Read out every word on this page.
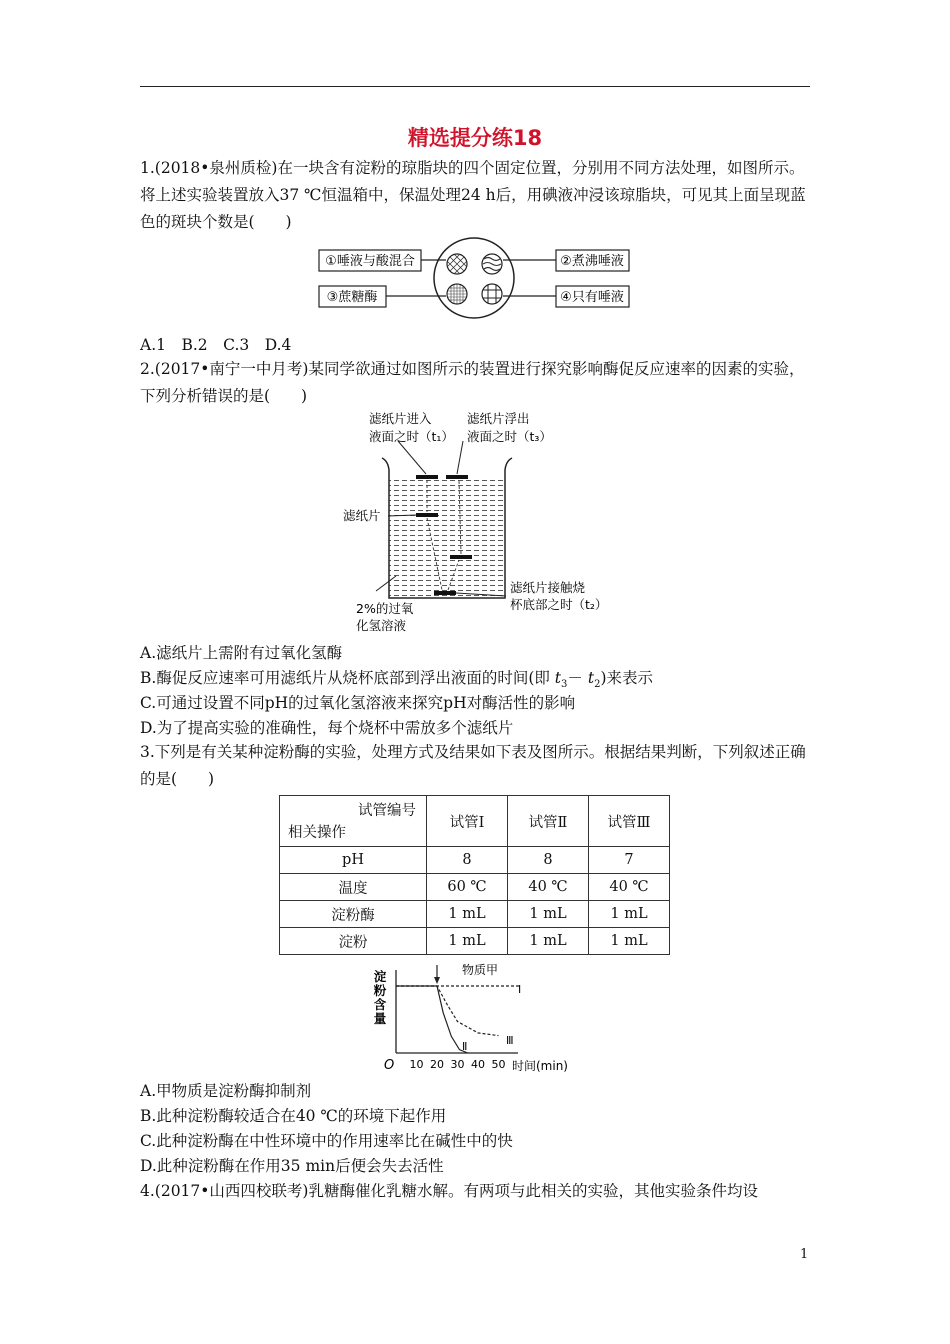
精选提分练18
1.(2018•泉州质检)在一块含有淀粉的琼脂块的四个固定位置，分别用不同方法处理，如图所示。将上述实验装置放入37 ℃恒温箱中，保温处理24 h后，用碘液冲浸该琼脂块，可见其上面呈现蓝色的斑块个数是(　　)
①唾液与酸混合	②煮沸唾液
③蔗糖酶	④只有唾液
A.1　B.2　C.3　D.4
2.(2017•南宁一中月考)某同学欲通过如图所示的装置进行探究影响酶促反应速率的因素的实验，下列分析错误的是(　　)
滤纸片进入
液面之时（t₁）
滤纸片浮出
液面之时（t₃）
滤纸片
滤纸片接触烧
杯底部之时（t₂）
2%的过氧
化氢溶液
A.滤纸片上需附有过氧化氢酶
B.酶促反应速率可用滤纸片从烧杯底部到浮出液面的时间(即 $t_3- t_2$)来表示
C.可通过设置不同pH的过氧化氢溶液来探究pH对酶活性的影响
D.为了提高实验的准确性，每个烧杯中需放多个滤纸片
3.下列是有关某种淀粉酶的实验，处理方式及结果如下表及图所示。根据结果判断，下列叙述正确的是(　　)
试管编号
相关操作	试管Ⅰ	试管Ⅱ	试管Ⅲ
pH	8	8	7
温度	60 ℃	40 ℃	40 ℃
淀粉酶	1 mL	1 mL	1 mL
淀粉	1 mL	1 mL	1 mL
淀
粉
含
量
O 10 20 30 40 50 时间(min)
Ⅰ
Ⅱ	Ⅲ
物质甲
A.甲物质是淀粉酶抑制剂
B.此种淀粉酶较适合在40 ℃的环境下起作用
C.此种淀粉酶在中性环境中的作用速率比在碱性中的快
D.此种淀粉酶在作用35 min后便会失去活性
4.(2017•山西四校联考)乳糖酶催化乳糖水解。有两项与此相关的实验，其他实验条件均设
1
